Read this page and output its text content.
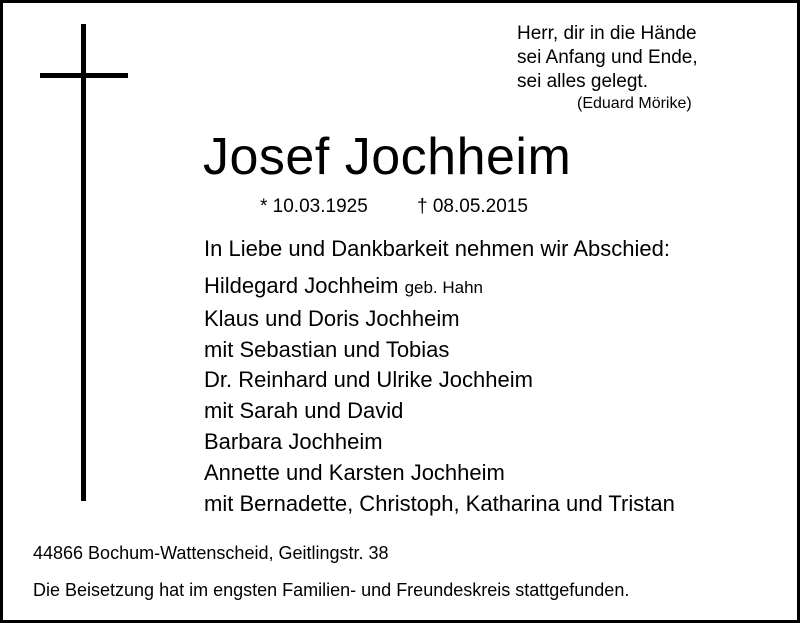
Herr, dir in die Hände
sei Anfang und Ende,
sei alles gelegt.
(Eduard Mörike)
Josef Jochheim
* 10.03.1925	† 08.05.2015
In Liebe und Dankbarkeit nehmen wir Abschied:
Hildegard Jochheim geb. Hahn
Klaus und Doris Jochheim
mit Sebastian und Tobias
Dr. Reinhard und Ulrike Jochheim
mit Sarah und David
Barbara Jochheim
Annette und Karsten Jochheim
mit Bernadette, Christoph, Katharina und Tristan
44866 Bochum-Wattenscheid, Geitlingstr. 38
Die Beisetzung hat im engsten Familien- und Freundeskreis stattgefunden.
